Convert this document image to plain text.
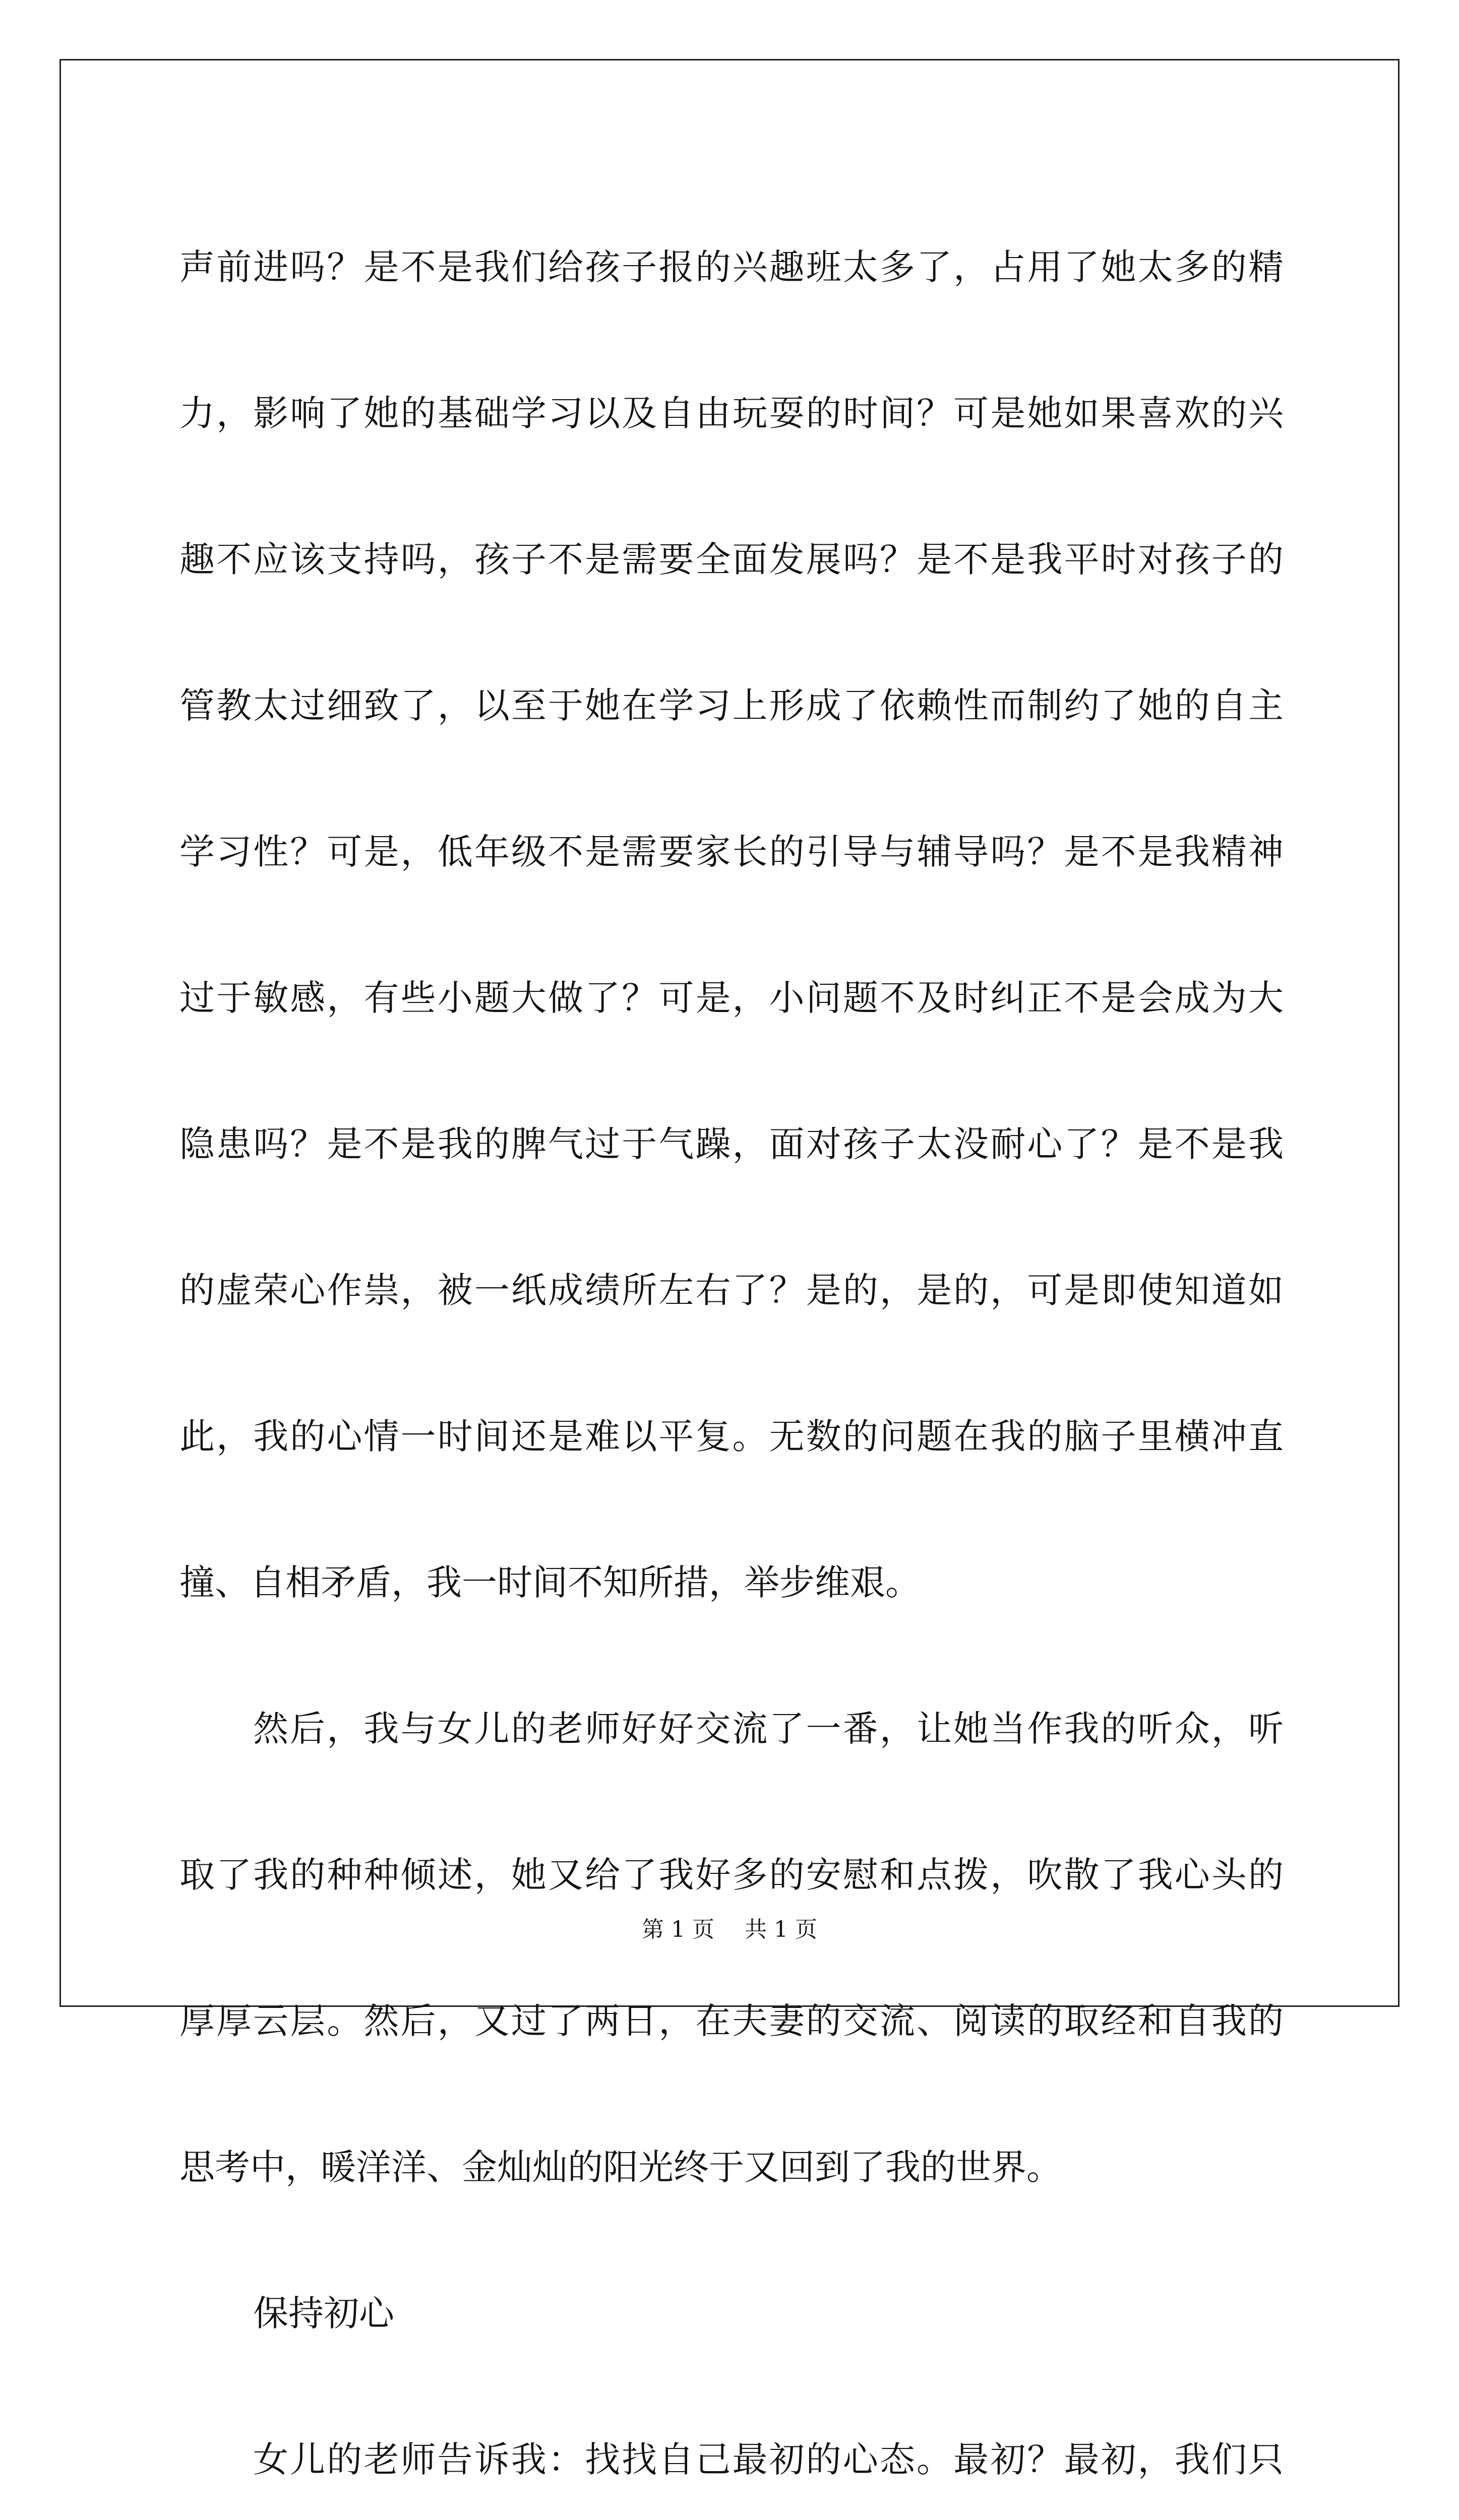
声前进吗？是不是我们给孩子报的兴趣班太多了，占用了她太多的精
力，影响了她的基础学习以及自由玩耍的时间？可是她如果喜欢的兴
趣不应该支持吗，孩子不是需要全面发展吗？是不是我平时对孩子的
管教太过细致了，以至于她在学习上形成了依赖性而制约了她的自主
学习性？可是，低年级不是需要家长的引导与辅导吗？是不是我精神
过于敏感，有些小题大做了？可是，小问题不及时纠正不是会成为大
隐患吗？是不是我的脾气过于气躁，面对孩子太没耐心了？是不是我
的虚荣心作祟，被一纸成绩所左右了？是的，是的，可是即使知道如
此，我的心情一时间还是难以平复。无数的问题在我的脑子里横冲直
撞、自相矛盾，我一时间不知所措，举步维艰。
然后，我与女儿的老师好好交流了一番，让她当作我的听众，听
取了我的种种倾述，她又给了我好多的安慰和点拨，吹散了我心头的
厚厚云层。然后，又过了两日，在夫妻的交流、阅读的取经和自我的
思考中，暖洋洋、金灿灿的阳光终于又回到了我的世界。
保持初心
女儿的老师告诉我：找找自己最初的心态。最初？最初，我们只
第 1 页 共 1 页
